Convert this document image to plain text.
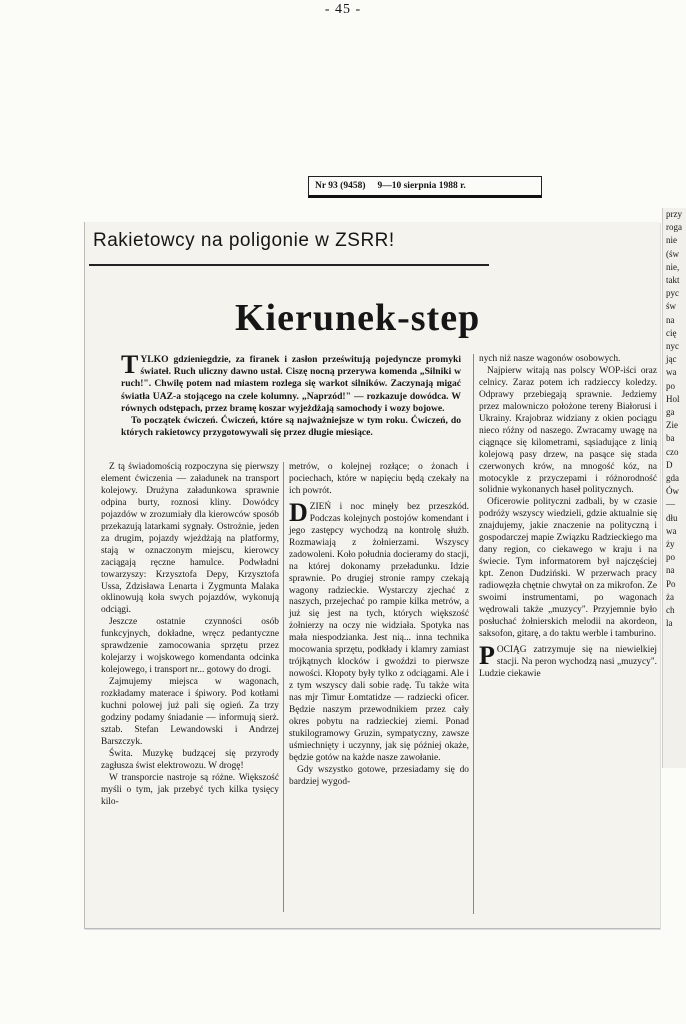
- 45 -
Nr 93 (9458) 9—10 sierpnia 1988 r.
przy
roga
nie
(św
nie,
takt
pyc
św
na
cię
nyc
jąc
wa
po
Hol
ga
Zie
ba
czo
D
gda
Ów
—
dłu
wa
ży
po
na
Po
ża
ch
la
Rakietowcy na poligonie w ZSRR!
Kierunek-step

TYLKO gdzieniegdzie, za firanek i zasłon prześwitują pojedyncze promyki świateł. Ruch uliczny dawno ustał. Ciszę nocną przerywa komenda „Silniki w ruch!". Chwilę potem nad miastem rozlega się warkot silników. Zaczynają migać światła UAZ-a stojącego na czele kolumny. „Naprzód!" — rozkazuje dowódca. W równych odstępach, przez bramę koszar wyjeżdżają samochody i wozy bojowe.

To początek ćwiczeń. Ćwiczeń, które są najważniejsze w tym roku. Ćwiczeń, do których rakietowcy przygotowywali się przez długie miesiące.

Z tą świadomością rozpoczyna się pierwszy element ćwiczenia — załadunek na transport kolejowy. Drużyna załadunkowa sprawnie odpina burty, roznosi kliny. Dowódcy pojazdów w zrozumiały dla kierowców sposób przekazują latarkami sygnały. Ostrożnie, jeden za drugim, pojazdy wjeżdżają na platformy, stają w oznaczonym miejscu, kierowcy zaciągają ręczne hamulce. Podwładni towarzyszy: Krzysztofa Depy, Krzysztofa Ussa, Zdzisława Lenarta i Zygmunta Malaka oklinowują koła swych pojazdów, wykonują odciągi.

Jeszcze ostatnie czynności osób funkcyjnych, dokładne, wręcz pedantyczne sprawdzenie zamocowania sprzętu przez kolejarzy i wojskowego komendanta odcinka kolejowego, i transport nr... gotowy do drogi.

Zajmujemy miejsca w wagonach, rozkładamy materace i śpiwory. Pod kotłami kuchni polowej już pali się ogień. Za trzy godziny podamy śniadanie — informują sierż. sztab. Stefan Lewandowski i Andrzej Barszczyk.

Świta. Muzykę budzącej się przyrody zagłusza świst elektrowozu. W drogę!

W transporcie nastroje są różne. Większość myśli o tym, jak przebyć tych kilka tysięcy kilo-

metrów, o kolejnej rozłące; o żonach i pociechach, które w napięciu będą czekały na ich powrót.

DZIEŃ i noc minęły bez przeszkód. Podczas kolejnych postojów komendant i jego zastępcy wychodzą na kontrolę służb. Rozmawiają z żołnierzami. Wszyscy zadowoleni. Koło południa docieramy do stacji, na której dokonamy przeładunku. Idzie sprawnie. Po drugiej stronie rampy czekają wagony radzieckie. Wystarczy zjechać z naszych, przejechać po rampie kilka metrów, a już się jest na tych, których większość żołnierzy na oczy nie widziała. Spotyka nas mała niespodzianka. Jest nią... inna technika mocowania sprzętu, podkłady i klamry zamiast trójkątnych klocków i gwoździ to pierwsze nowości. Kłopoty były tylko z odciągami. Ale i z tym wszyscy dali sobie radę. Tu także wita nas mjr Timur Łomtatidze — radziecki oficer. Będzie naszym przewodnikiem przez cały okres pobytu na radzieckiej ziemi. Ponad stukilogramowy Gruzin, sympatyczny, zawsze uśmiechnięty i uczynny, jak się później okaże, będzie gotów na każde nasze zawołanie.

Gdy wszystko gotowe, przesiadamy się do bardziej wygod-

nych niż nasze wagonów osobowych.

Najpierw witają nas polscy WOP-iści oraz celnicy. Zaraz potem ich radzieccy koledzy. Odprawy przebiegają sprawnie. Jedziemy przez malowniczo położone tereny Białorusi i Ukrainy. Krajobraz widziany z okien pociągu nieco różny od naszego. Zwracamy uwagę na ciągnące się kilometrami, sąsiadujące z linią kolejową pasy drzew, na pasące się stada czerwonych krów, na mnogość kóz, na motocykle z przyczepami i różnorodność solidnie wykonanych haseł politycznych.

Oficerowie polityczni zadbali, by w czasie podróży wszyscy wiedzieli, gdzie aktualnie się znajdujemy, jakie znaczenie na polityczną i gospodarczej mapie Związku Radzieckiego ma dany region, co ciekawego w kraju i na świecie. Tym informatorem był najczęściej kpt. Zenon Dudziński. W przerwach pracy radiowęzła chętnie chwytał on za mikrofon. Ze swoimi instrumentami, po wagonach wędrowali także „muzycy". Przyjemnie było posłuchać żołnierskich melodii na akordeon, saksofon, gitarę, a do taktu werble i tamburino.

POCIĄG zatrzymuje się na niewielkiej stacji. Na peron wychodzą nasi „muzycy". Ludzie ciekawie
